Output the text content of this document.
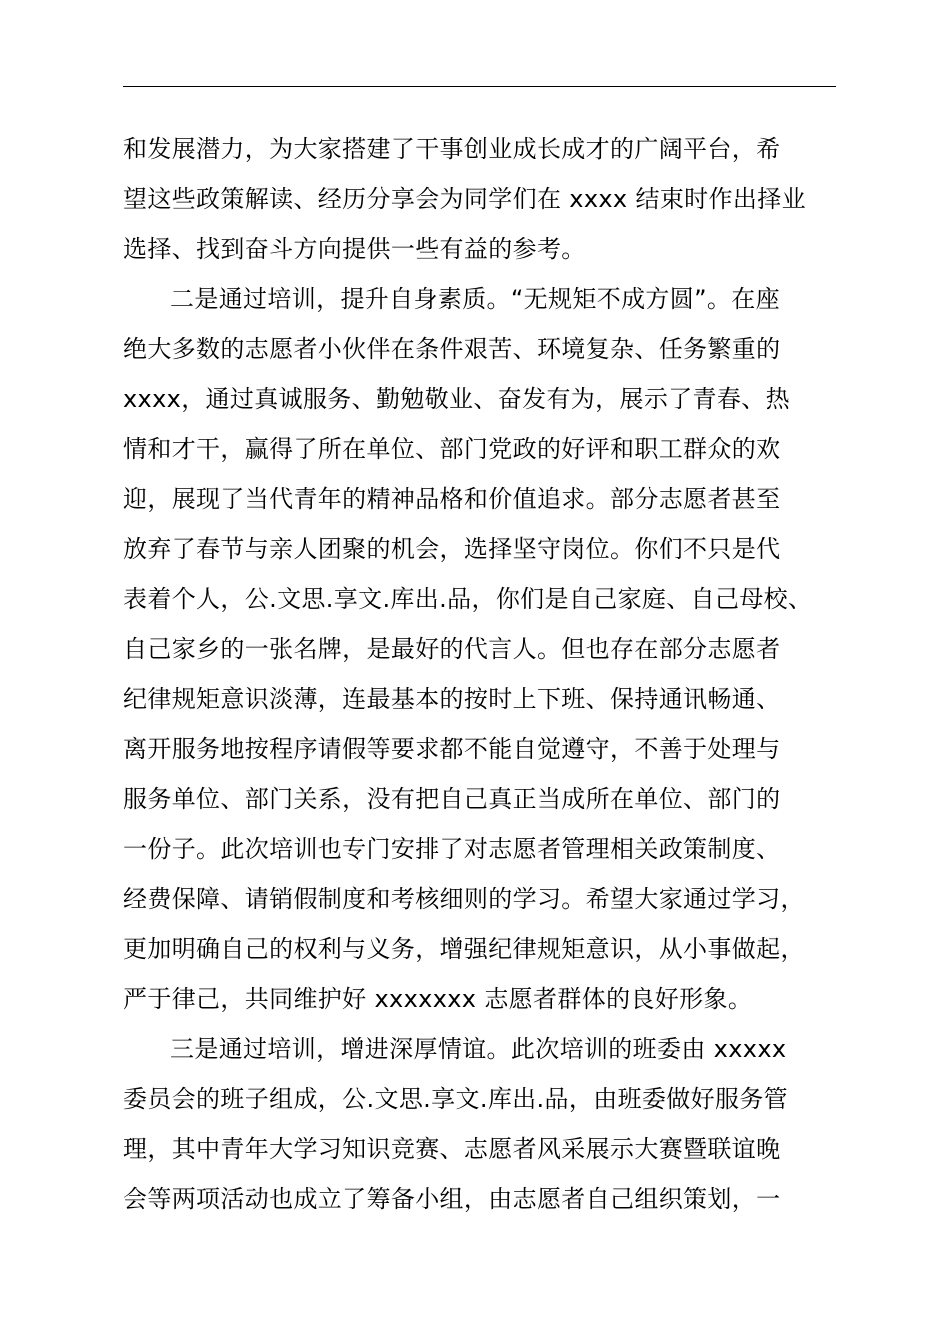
和发展潜力，为大家搭建了干事创业成长成才的广阔平台，希
望这些政策解读、经历分享会为同学们在 xxxx 结束时作出择业
选择、找到奋斗方向提供一些有益的参考。
二是通过培训，提升自身素质。“无规矩不成方圆”。在座
绝大多数的志愿者小伙伴在条件艰苦、环境复杂、任务繁重的
xxxx，通过真诚服务、勤勉敬业、奋发有为，展示了青春、热
情和才干，赢得了所在单位、部门党政的好评和职工群众的欢
迎，展现了当代青年的精神品格和价值追求。部分志愿者甚至
放弃了春节与亲人团聚的机会，选择坚守岗位。你们不只是代
表着个人，公.文思.享文.库出.品，你们是自己家庭、自己母校、
自己家乡的一张名牌，是最好的代言人。但也存在部分志愿者
纪律规矩意识淡薄，连最基本的按时上下班、保持通讯畅通、
离开服务地按程序请假等要求都不能自觉遵守，不善于处理与
服务单位、部门关系，没有把自己真正当成所在单位、部门的
一份子。此次培训也专门安排了对志愿者管理相关政策制度、
经费保障、请销假制度和考核细则的学习。希望大家通过学习，
更加明确自己的权利与义务，增强纪律规矩意识，从小事做起，
严于律己，共同维护好 xxxxxxx 志愿者群体的良好形象。
三是通过培训，增进深厚情谊。此次培训的班委由 xxxxx
委员会的班子组成，公.文思.享文.库出.品，由班委做好服务管
理，其中青年大学习知识竞赛、志愿者风采展示大赛暨联谊晚
会等两项活动也成立了筹备小组，由志愿者自己组织策划，一
